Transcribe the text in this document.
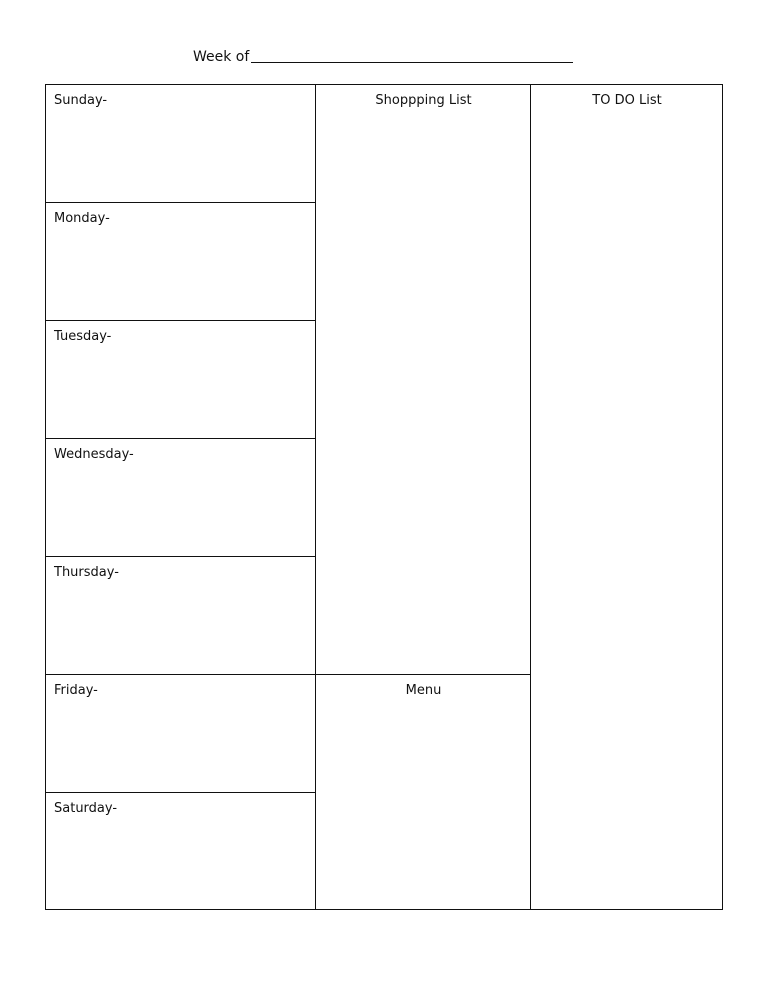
Week of
Sunday-
Monday-
Tuesday-
Wednesday-
Thursday-
Friday-
Saturday-
Shoppping List
Menu
TO DO List
